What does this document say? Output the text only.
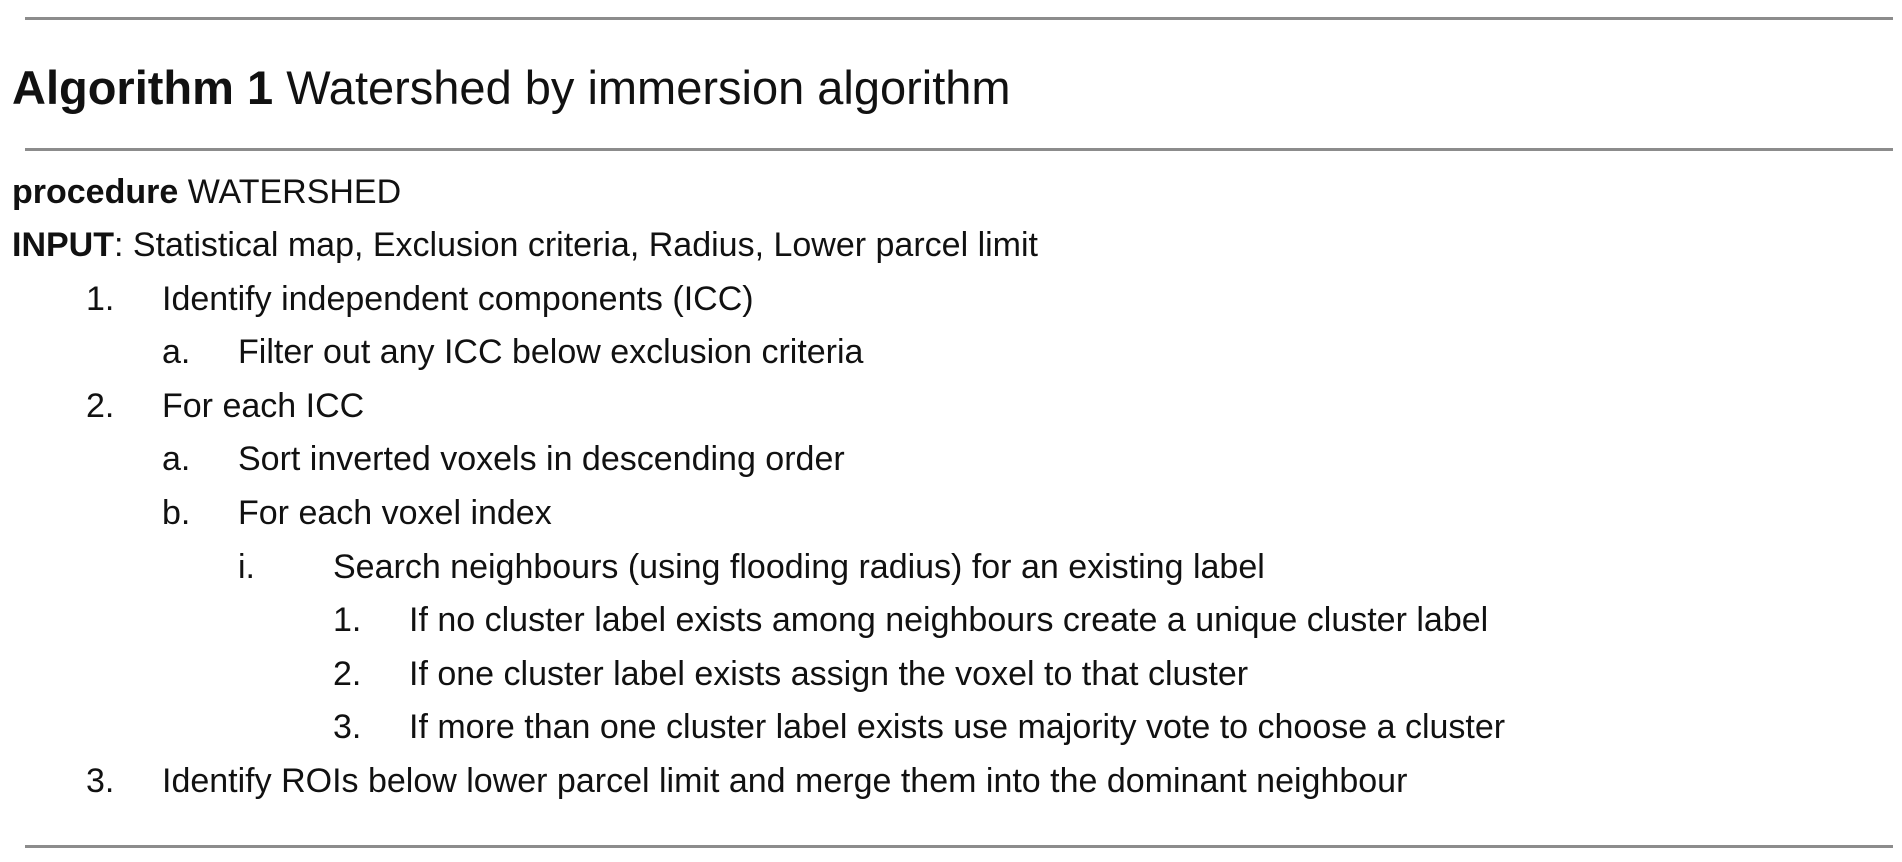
Algorithm 1 Watershed by immersion algorithm
procedure WATERSHED
INPUT: Statistical map, Exclusion criteria, Radius, Lower parcel limit
1. Identify independent components (ICC)
a. Filter out any ICC below exclusion criteria
2. For each ICC
a. Sort inverted voxels in descending order
b. For each voxel index
i. Search neighbours (using flooding radius) for an existing label
1. If no cluster label exists among neighbours create a unique cluster label
2. If one cluster label exists assign the voxel to that cluster
3. If more than one cluster label exists use majority vote to choose a cluster
3. Identify ROIs below lower parcel limit and merge them into the dominant neighbour
